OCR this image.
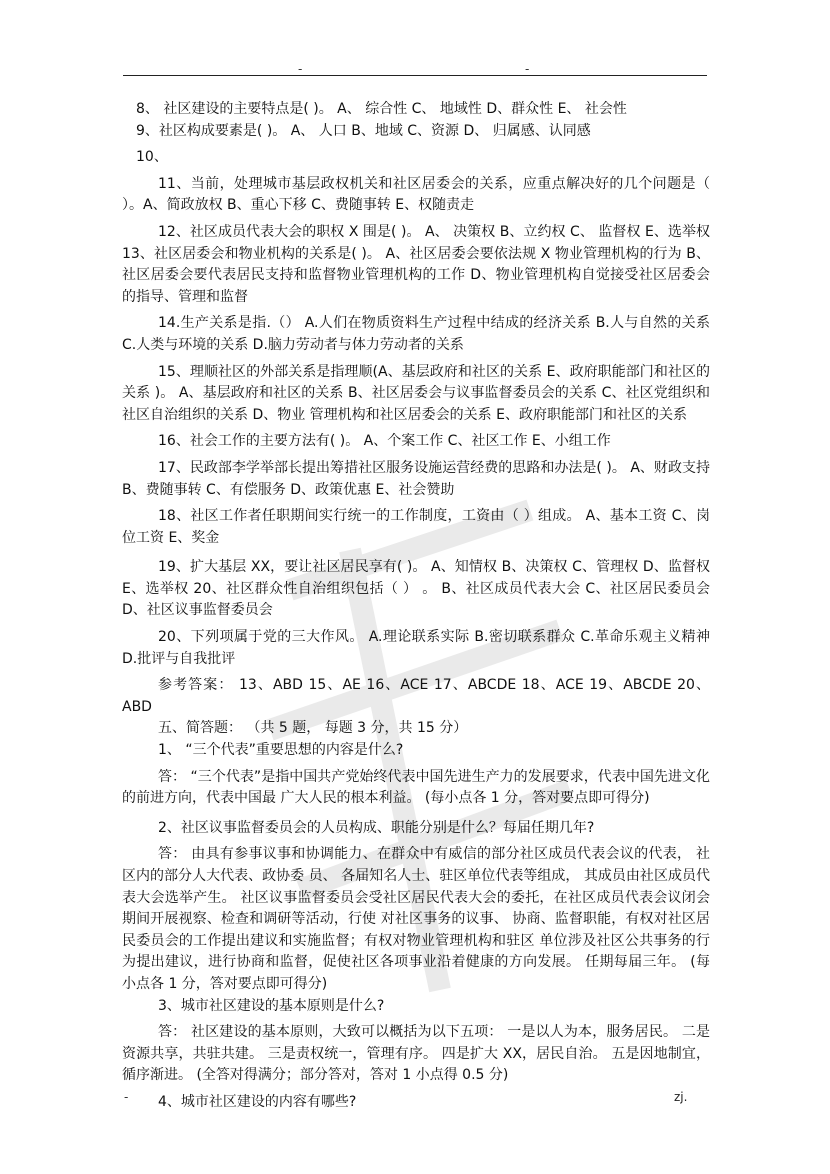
-	-

8、 社区建设的主要特点是( )。 A、 综合性 C、 地域性 D、群众性 E、 社会性

9、社区构成要素是( )。 A、 人口 B、地域 C、资源 D、 归属感、认同感

10、

11、当前，处理城市基层政权机关和社区居委会的关系，应重点解决好的几个问题是（ ）。A、简政放权 B、重心下移 C、费随事转 E、权随责走

12、社区成员代表大会的职权 X 围是( )。 A、 决策权 B、立约权 C、 监督权 E、选举权 13、社区居委会和物业机构的关系是( )。 A、社区居委会要依法规 X 物业管理机构的行为 B、社区居委会要代表居民支持和监督物业管理机构的工作 D、物业管理机构自觉接受社区居委会的指导、管理和监督

14.生产关系是指.（） A.人们在物质资料生产过程中结成的经济关系 B.人与自然的关系 C.人类与环境的关系 D.脑力劳动者与体力劳动者的关系

15、理顺社区的外部关系是指理顺(A、基层政府和社区的关系 E、政府职能部门和社区的关系 )。 A、基层政府和社区的关系 B、社区居委会与议事监督委员会的关系 C、社区党组织和社区自治组织的关系 D、物业 管理机构和社区居委会的关系 E、政府职能部门和社区的关系

16、社会工作的主要方法有( )。 A、个案工作 C、社区工作 E、小组工作

17、民政部李学举部长提出筹措社区服务设施运营经费的思路和办法是( )。 A、财政支持 B、费随事转 C、有偿服务 D、政策优惠 E、社会赞助

18、社区工作者任职期间实行统一的工作制度，工资由（ ）组成。 A、基本工资 C、岗位工资 E、奖金

19、扩大基层 XX，要让社区居民享有( )。 A、知情权 B、决策权 C、管理权 D、监督权 E、选举权 20、社区群众性自治组织包括（ ） 。 B、社区成员代表大会 C、社区居民委员会 D、社区议事监督委员会

20、下列项属于党的三大作风。 A.理论联系实际 B.密切联系群众 C.革命乐观主义精神 D.批评与自我批评

参考答案： 13、ABD 15、AE 16、ACE 17、ABCDE 18、ACE 19、ABCDE 20、ABD

五、简答题： （共 5 题， 每题 3 分，共 15 分）

1、 “三个代表”重要思想的内容是什么?

答： “三个代表”是指中国共产党始终代表中国先进生产力的发展要求，代表中国先进文化的前进方向，代表中国最 广大人民的根本利益。 (每小点各 1 分，答对要点即可得分)

2、社区议事监督委员会的人员构成、职能分别是什么？每届任期几年?

答： 由具有参事议事和协调能力、在群众中有威信的部分社区成员代表会议的代表， 社区内的部分人大代表、政协委 员、 各届知名人士、驻区单位代表等组成， 其成员由社区成员代表大会选举产生。 社区议事监督委员会受社区居民代表大会的委托，在社区成员代表会议闭会期间开展视察、检查和调研等活动，行使 对社区事务的议事、 协商、监督职能，有权对社区居民委员会的工作提出建议和实施监督；有权对物业管理机构和驻区 单位涉及社区公共事务的行为提出建议，进行协商和监督，促使社区各项事业沿着健康的方向发展。 任期每届三年。 (每小点各 1 分，答对要点即可得分)

3、城市社区建设的基本原则是什么?

答： 社区建设的基本原则，大致可以概括为以下五项： 一是以人为本，服务居民。 二是资源共享，共驻共建。 三是责权统一，管理有序。 四是扩大 XX，居民自治。 五是因地制宜，循序渐进。 (全答对得满分；部分答对，答对 1 小点得 0.5 分)

4、城市社区建设的内容有哪些?

-	zj.
